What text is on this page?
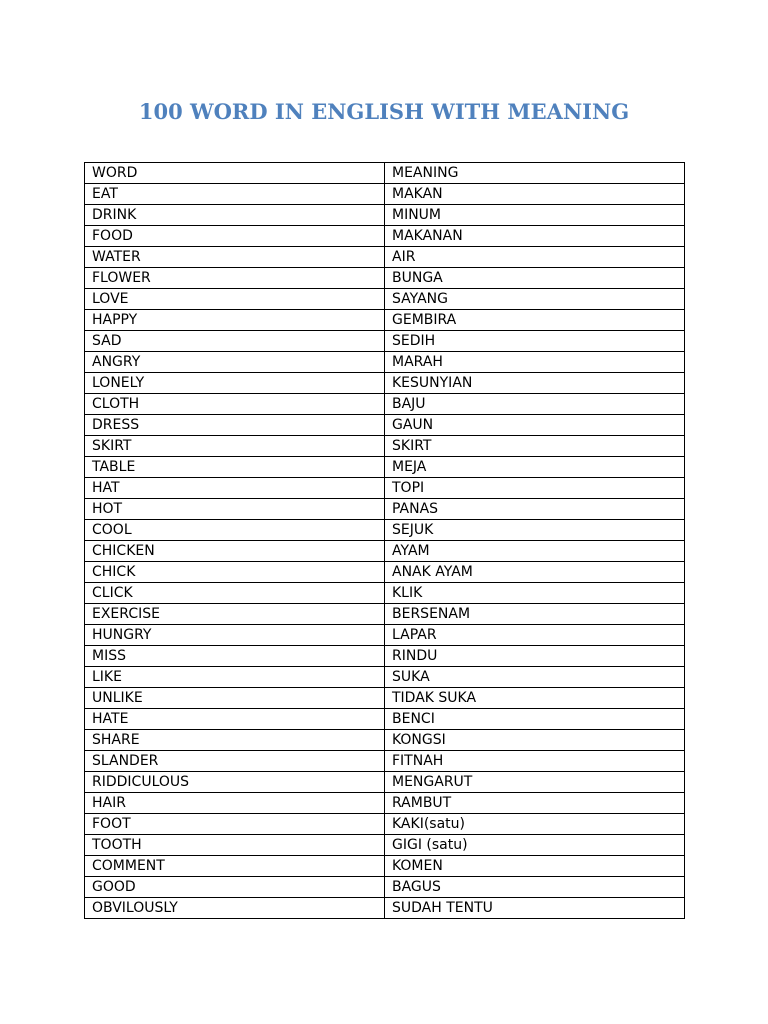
100 WORD IN ENGLISH WITH MEANING
WORD	MEANING
EAT	MAKAN
DRINK	MINUM
FOOD	MAKANAN
WATER	AIR
FLOWER	BUNGA
LOVE	SAYANG
HAPPY	GEMBIRA
SAD	SEDIH
ANGRY	MARAH
LONELY	KESUNYIAN
CLOTH	BAJU
DRESS	GAUN
SKIRT	SKIRT
TABLE	MEJA
HAT	TOPI
HOT	PANAS
COOL	SEJUK
CHICKEN	AYAM
CHICK	ANAK AYAM
CLICK	KLIK
EXERCISE	BERSENAM
HUNGRY	LAPAR
MISS	RINDU
LIKE	SUKA
UNLIKE	TIDAK SUKA
HATE	BENCI
SHARE	KONGSI
SLANDER	FITNAH
RIDDICULOUS	MENGARUT
HAIR	RAMBUT
FOOT	KAKI(satu)
TOOTH	GIGI (satu)
COMMENT	KOMEN
GOOD	BAGUS
OBVILOUSLY	SUDAH TENTU
